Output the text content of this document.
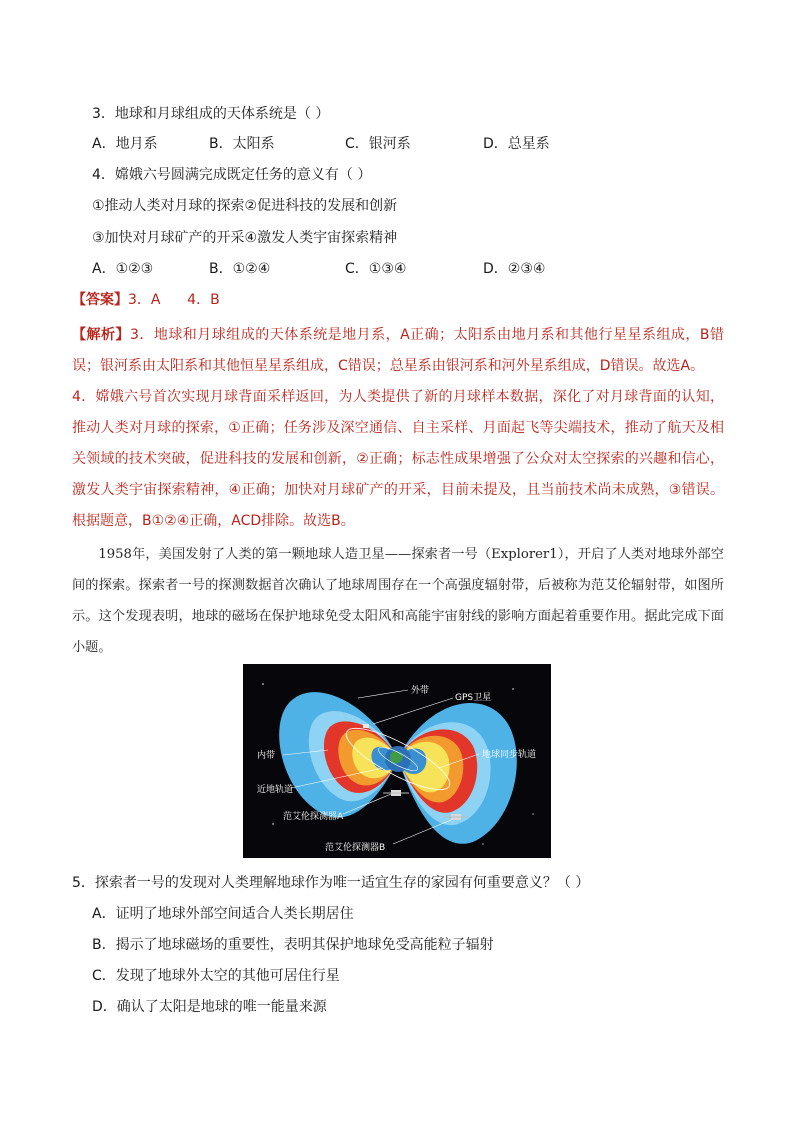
3．地球和月球组成的天体系统是（ ）
A．地月系	B．太阳系	C．银河系	D．总星系
4．嫦娥六号圆满完成既定任务的意义有（ ）
①推动人类对月球的探索②促进科技的发展和创新
③加快对月球矿产的开采④激发人类宇宙探索精神
A．①②③	B．①②④	C．①③④	D．②③④
【答案】3．A      4．B
【解析】3．地球和月球组成的天体系统是地月系，A正确；太阳系由地月系和其他行星星系组成，B错误；银河系由太阳系和其他恒星星系组成，C错误；总星系由银河系和河外星系组成，D错误。故选A。
4．嫦娥六号首次实现月球背面采样返回，为人类提供了新的月球样本数据，深化了对月球背面的认知，推动人类对月球的探索，①正确；任务涉及深空通信、自主采样、月面起飞等尖端技术，推动了航天及相关领域的技术突破，促进科技的发展和创新，②正确；标志性成果增强了公众对太空探索的兴趣和信心，激发人类宇宙探索精神，④正确；加快对月球矿产的开采，目前未提及，且当前技术尚未成熟，③错误。根据题意，B①②④正确，ACD排除。故选B。
1958年，美国发射了人类的第一颗地球人造卫星——探索者一号（Explorer1），开启了人类对地球外部空间的探索。探索者一号的探测数据首次确认了地球周围存在一个高强度辐射带，后被称为范艾伦辐射带，如图所示。这个发现表明，地球的磁场在保护地球免受太阳风和高能宇宙射线的影响方面起着重要作用。据此完成下面小题。
外带
GPS卫星
内带	地球同步轨道
近地轨道
范艾伦探测器A
范艾伦探测器B
5．探索者一号的发现对人类理解地球作为唯一适宜生存的家园有何重要意义？（ ）
A．证明了地球外部空间适合人类长期居住
B．揭示了地球磁场的重要性，表明其保护地球免受高能粒子辐射
C．发现了地球外太空的其他可居住行星
D．确认了太阳是地球的唯一能量来源
